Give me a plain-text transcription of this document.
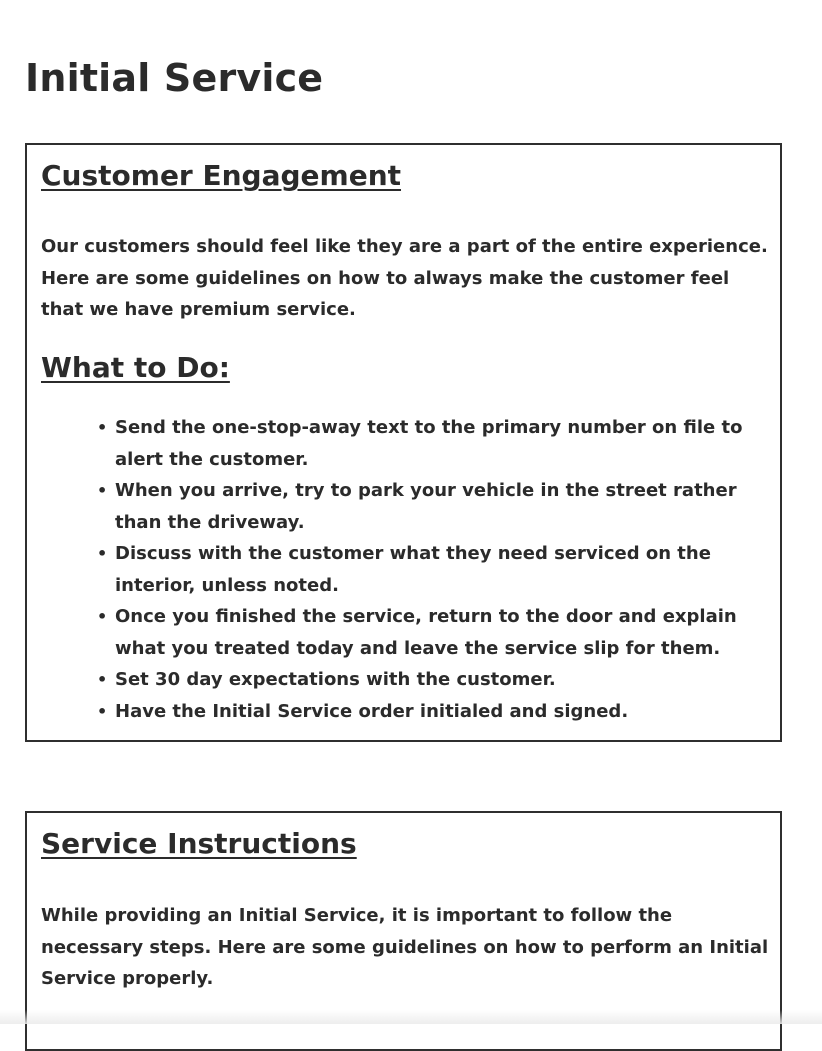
Initial Service
Customer Engagement

Our customers should feel like they are a part of the entire experience. Here are some guidelines on how to always make the customer feel that we have premium service.

What to Do:
• Send the one-stop-away text to the primary number on file to alert the customer.
• When you arrive, try to park your vehicle in the street rather than the driveway.
• Discuss with the customer what they need serviced on the interior, unless noted.
• Once you finished the service, return to the door and explain what you treated today and leave the service slip for them.
• Set 30 day expectations with the customer.
• Have the Initial Service order initialed and signed.
Service Instructions

While providing an Initial Service, it is important to follow the necessary steps. Here are some guidelines on how to perform an Initial Service properly.
